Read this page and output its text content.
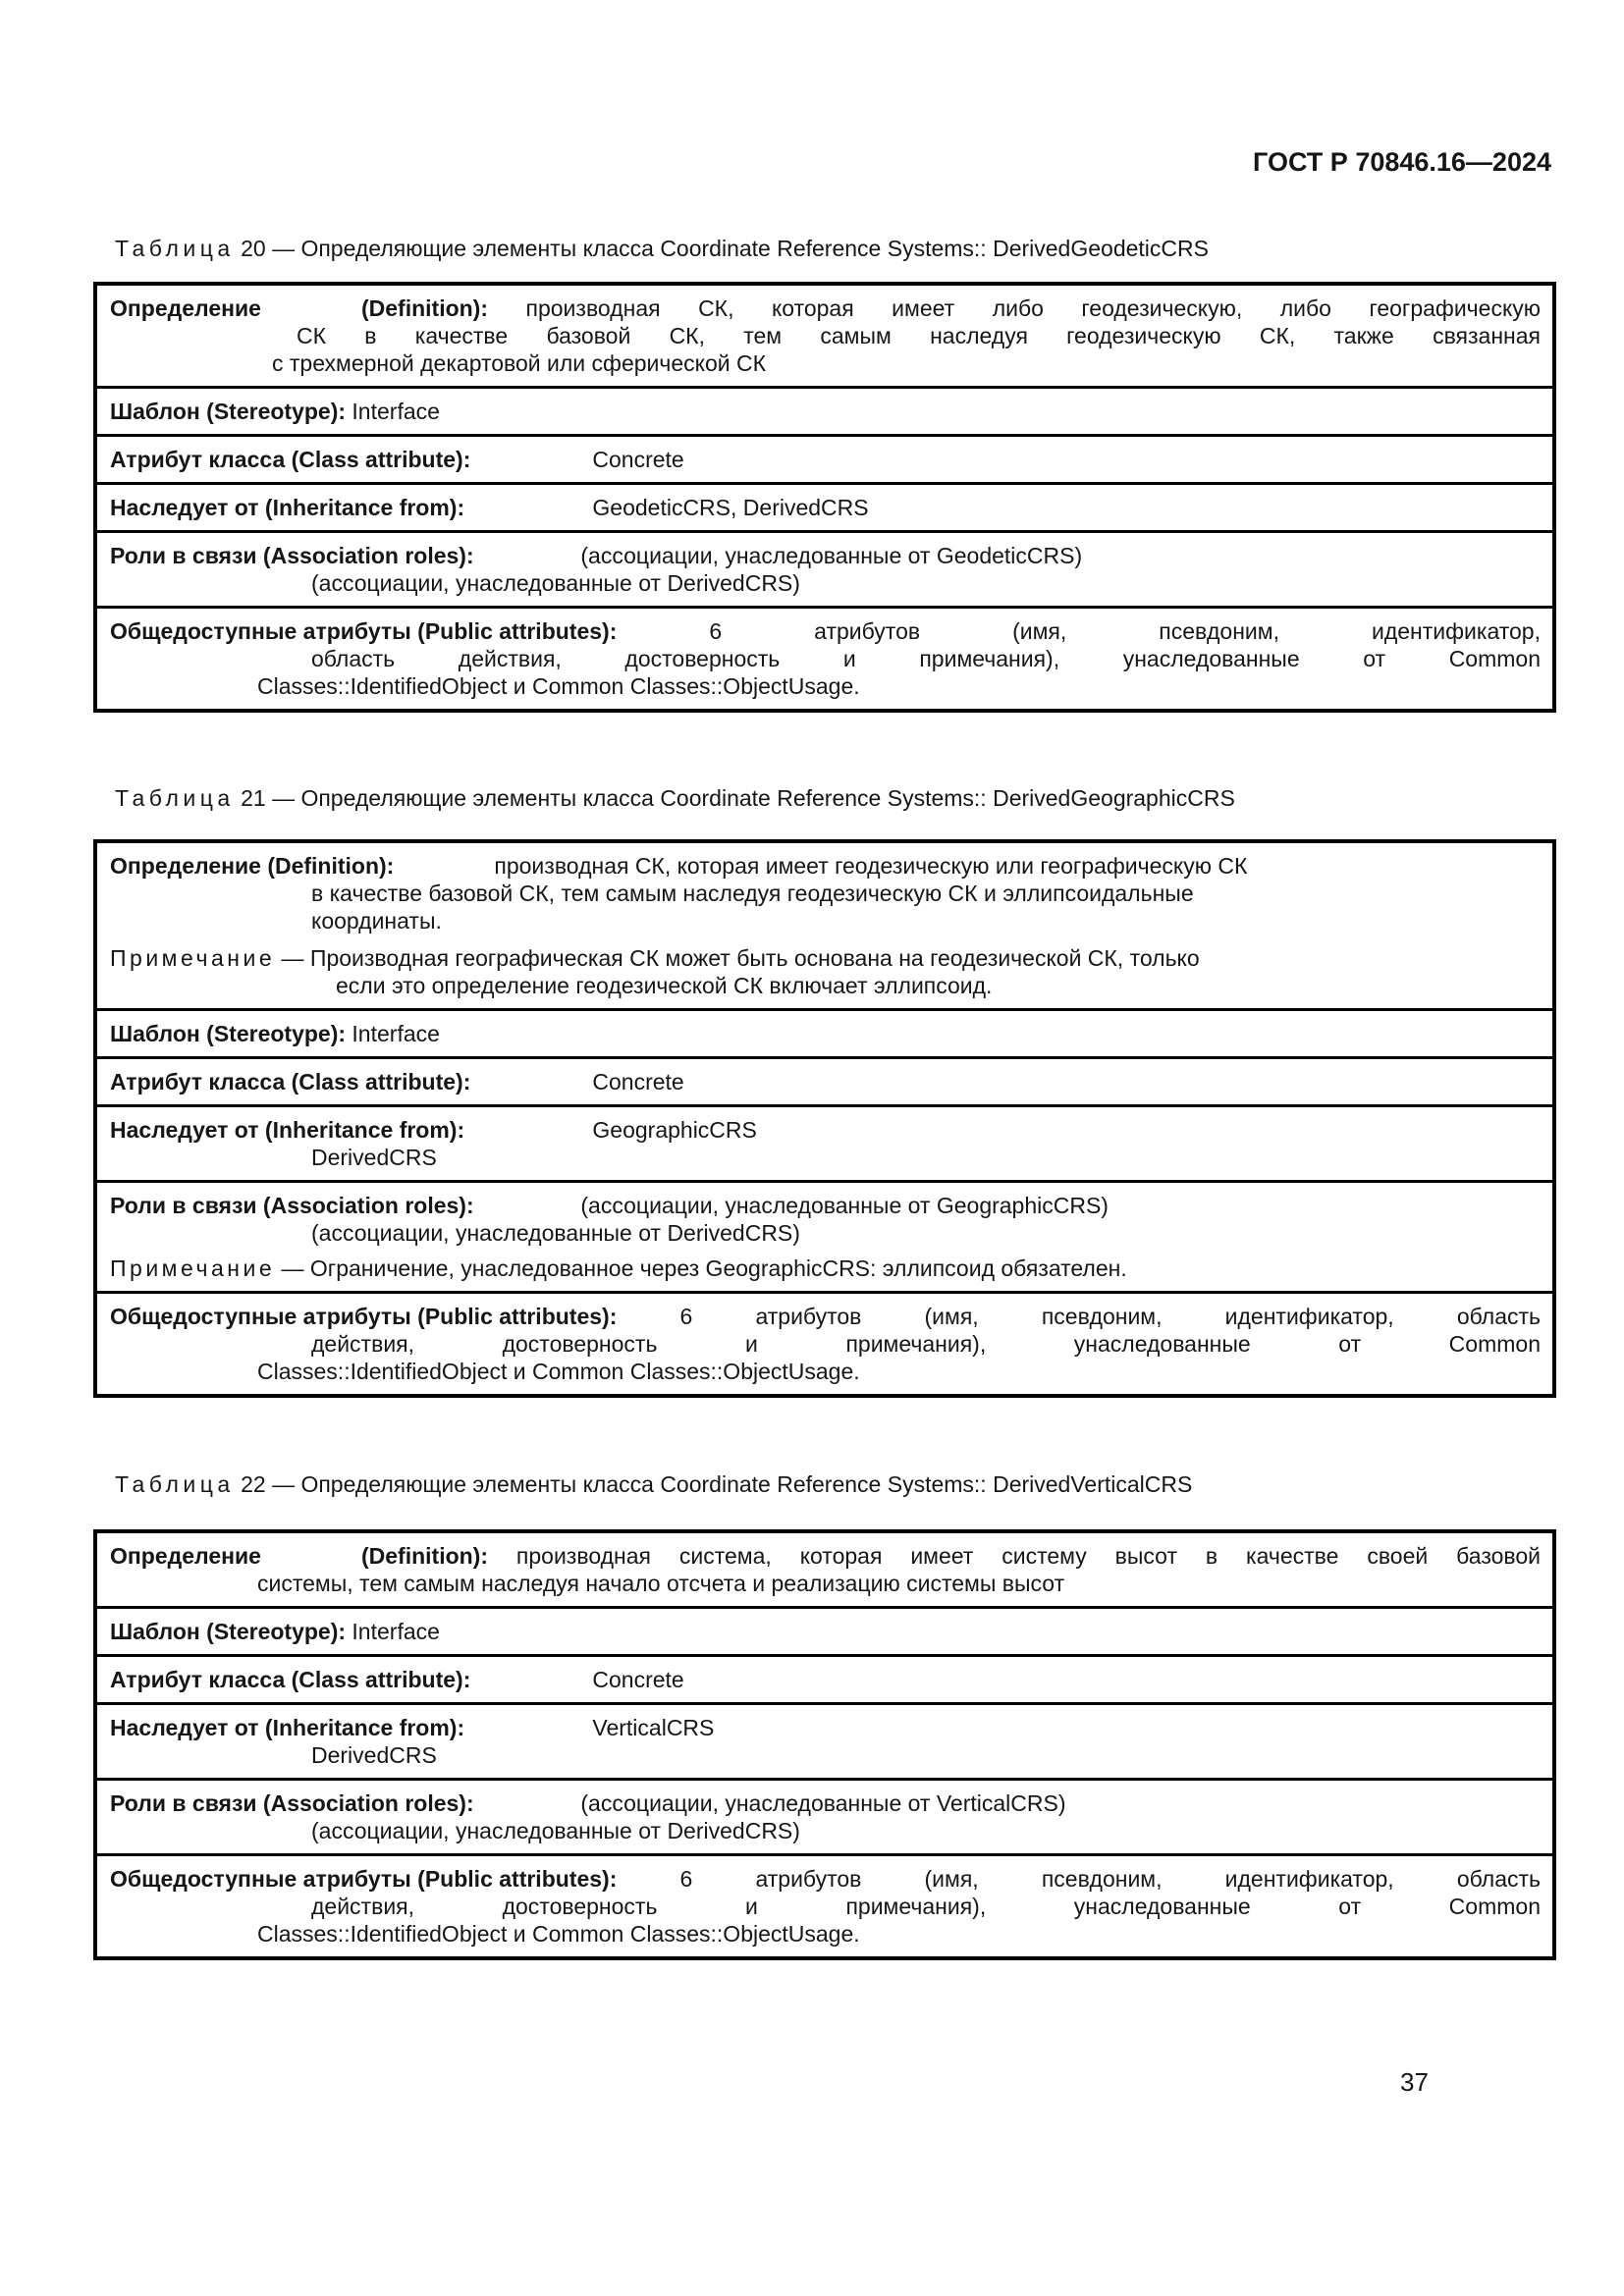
ГОСТ Р 70846.16—2024
Таблица 20 — Определяющие элементы класса Coordinate Reference Systems:: DerivedGeodeticCRS
Определение (Definition): производная СК, которая имеет либо геодезическую, либо географическую
СК в качестве базовой СК, тем самым наследуя геодезическую СК, также связанная
с трехмерной декартовой или сферической СК
Шаблон (Stereotype): Interface
Атрибут класса (Class attribute):	Concrete
Наследует от (Inheritance from):	GeodeticCRS, DerivedCRS
Роли в связи (Association roles):	(ассоциации, унаследованные от GeodeticCRS)
(ассоциации, унаследованные от DerivedCRS)
Общедоступные атрибуты (Public attributes):	6 атрибутов (имя, псевдоним, идентификатор,
область действия, достоверность и примечания), унаследованные от Common
Classes::IdentifiedObject и Common Classes::ObjectUsage.
Таблица 21 — Определяющие элементы класса Coordinate Reference Systems:: DerivedGeographicCRS
Определение (Definition):	производная СК, которая имеет геодезическую или географическую СК
в качестве базовой СК, тем самым наследуя геодезическую СК и эллипсоидальные
координаты.
Примечание — Производная географическая СК может быть основана на геодезической СК, только
если это определение геодезической СК включает эллипсоид.
Шаблон (Stereotype): Interface
Атрибут класса (Class attribute):	Concrete
Наследует от (Inheritance from):	GeographicCRS
DerivedCRS
Роли в связи (Association roles):	(ассоциации, унаследованные от GeographicCRS)
(ассоциации, унаследованные от DerivedCRS)
Примечание — Ограничение, унаследованное через GeographicCRS: эллипсоид обязателен.
Общедоступные атрибуты (Public attributes):	6 атрибутов (имя, псевдоним, идентификатор, область
действия, достоверность и примечания), унаследованные от Common
Classes::IdentifiedObject и Common Classes::ObjectUsage.
Таблица 22 — Определяющие элементы класса Coordinate Reference Systems:: DerivedVerticalCRS
Определение (Definition): производная система, которая имеет систему высот в качестве своей базовой
системы, тем самым наследуя начало отсчета и реализацию системы высот
Шаблон (Stereotype): Interface
Атрибут класса (Class attribute):	Concrete
Наследует от (Inheritance from):	VerticalCRS
DerivedCRS
Роли в связи (Association roles):	(ассоциации, унаследованные от VerticalCRS)
(ассоциации, унаследованные от DerivedCRS)
Общедоступные атрибуты (Public attributes):	6 атрибутов (имя, псевдоним, идентификатор, область
действия, достоверность и примечания), унаследованные от Common
Classes::IdentifiedObject и Common Classes::ObjectUsage.
37
